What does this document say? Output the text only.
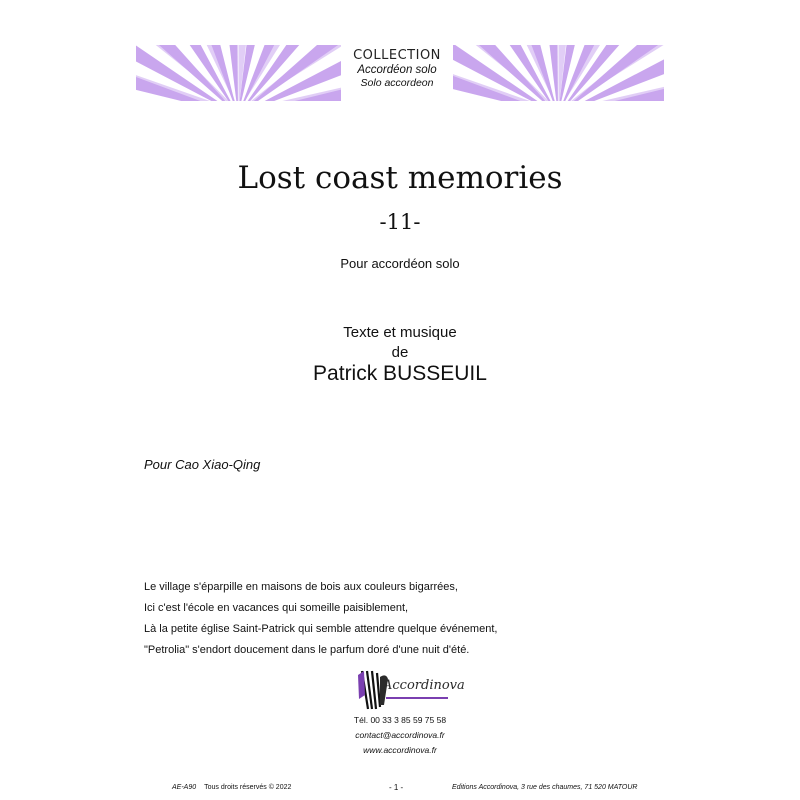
COLLECTION
Accordéon solo
Solo accordeon
Lost coast memories
-11-
Pour accordéon solo
Texte et musique
de
Patrick BUSSEUIL
Pour Cao Xiao-Qing
Le village s'éparpille en maisons de bois aux couleurs bigarrées,
Ici c'est l'école en vacances qui someille paisiblement,
Là la petite église Saint-Patrick qui semble attendre quelque événement,
"Petrolia" s'endort doucement dans le parfum doré d'une nuit d'été.
Accordinova
Tél. 00 33 3 85 59 75 58
contact@accordinova.fr
www.accordinova.fr
AE-A90 Tous droits réservés © 2022	- 1 -	Editions Accordinova, 3 rue des chaumes, 71 520 MATOUR
